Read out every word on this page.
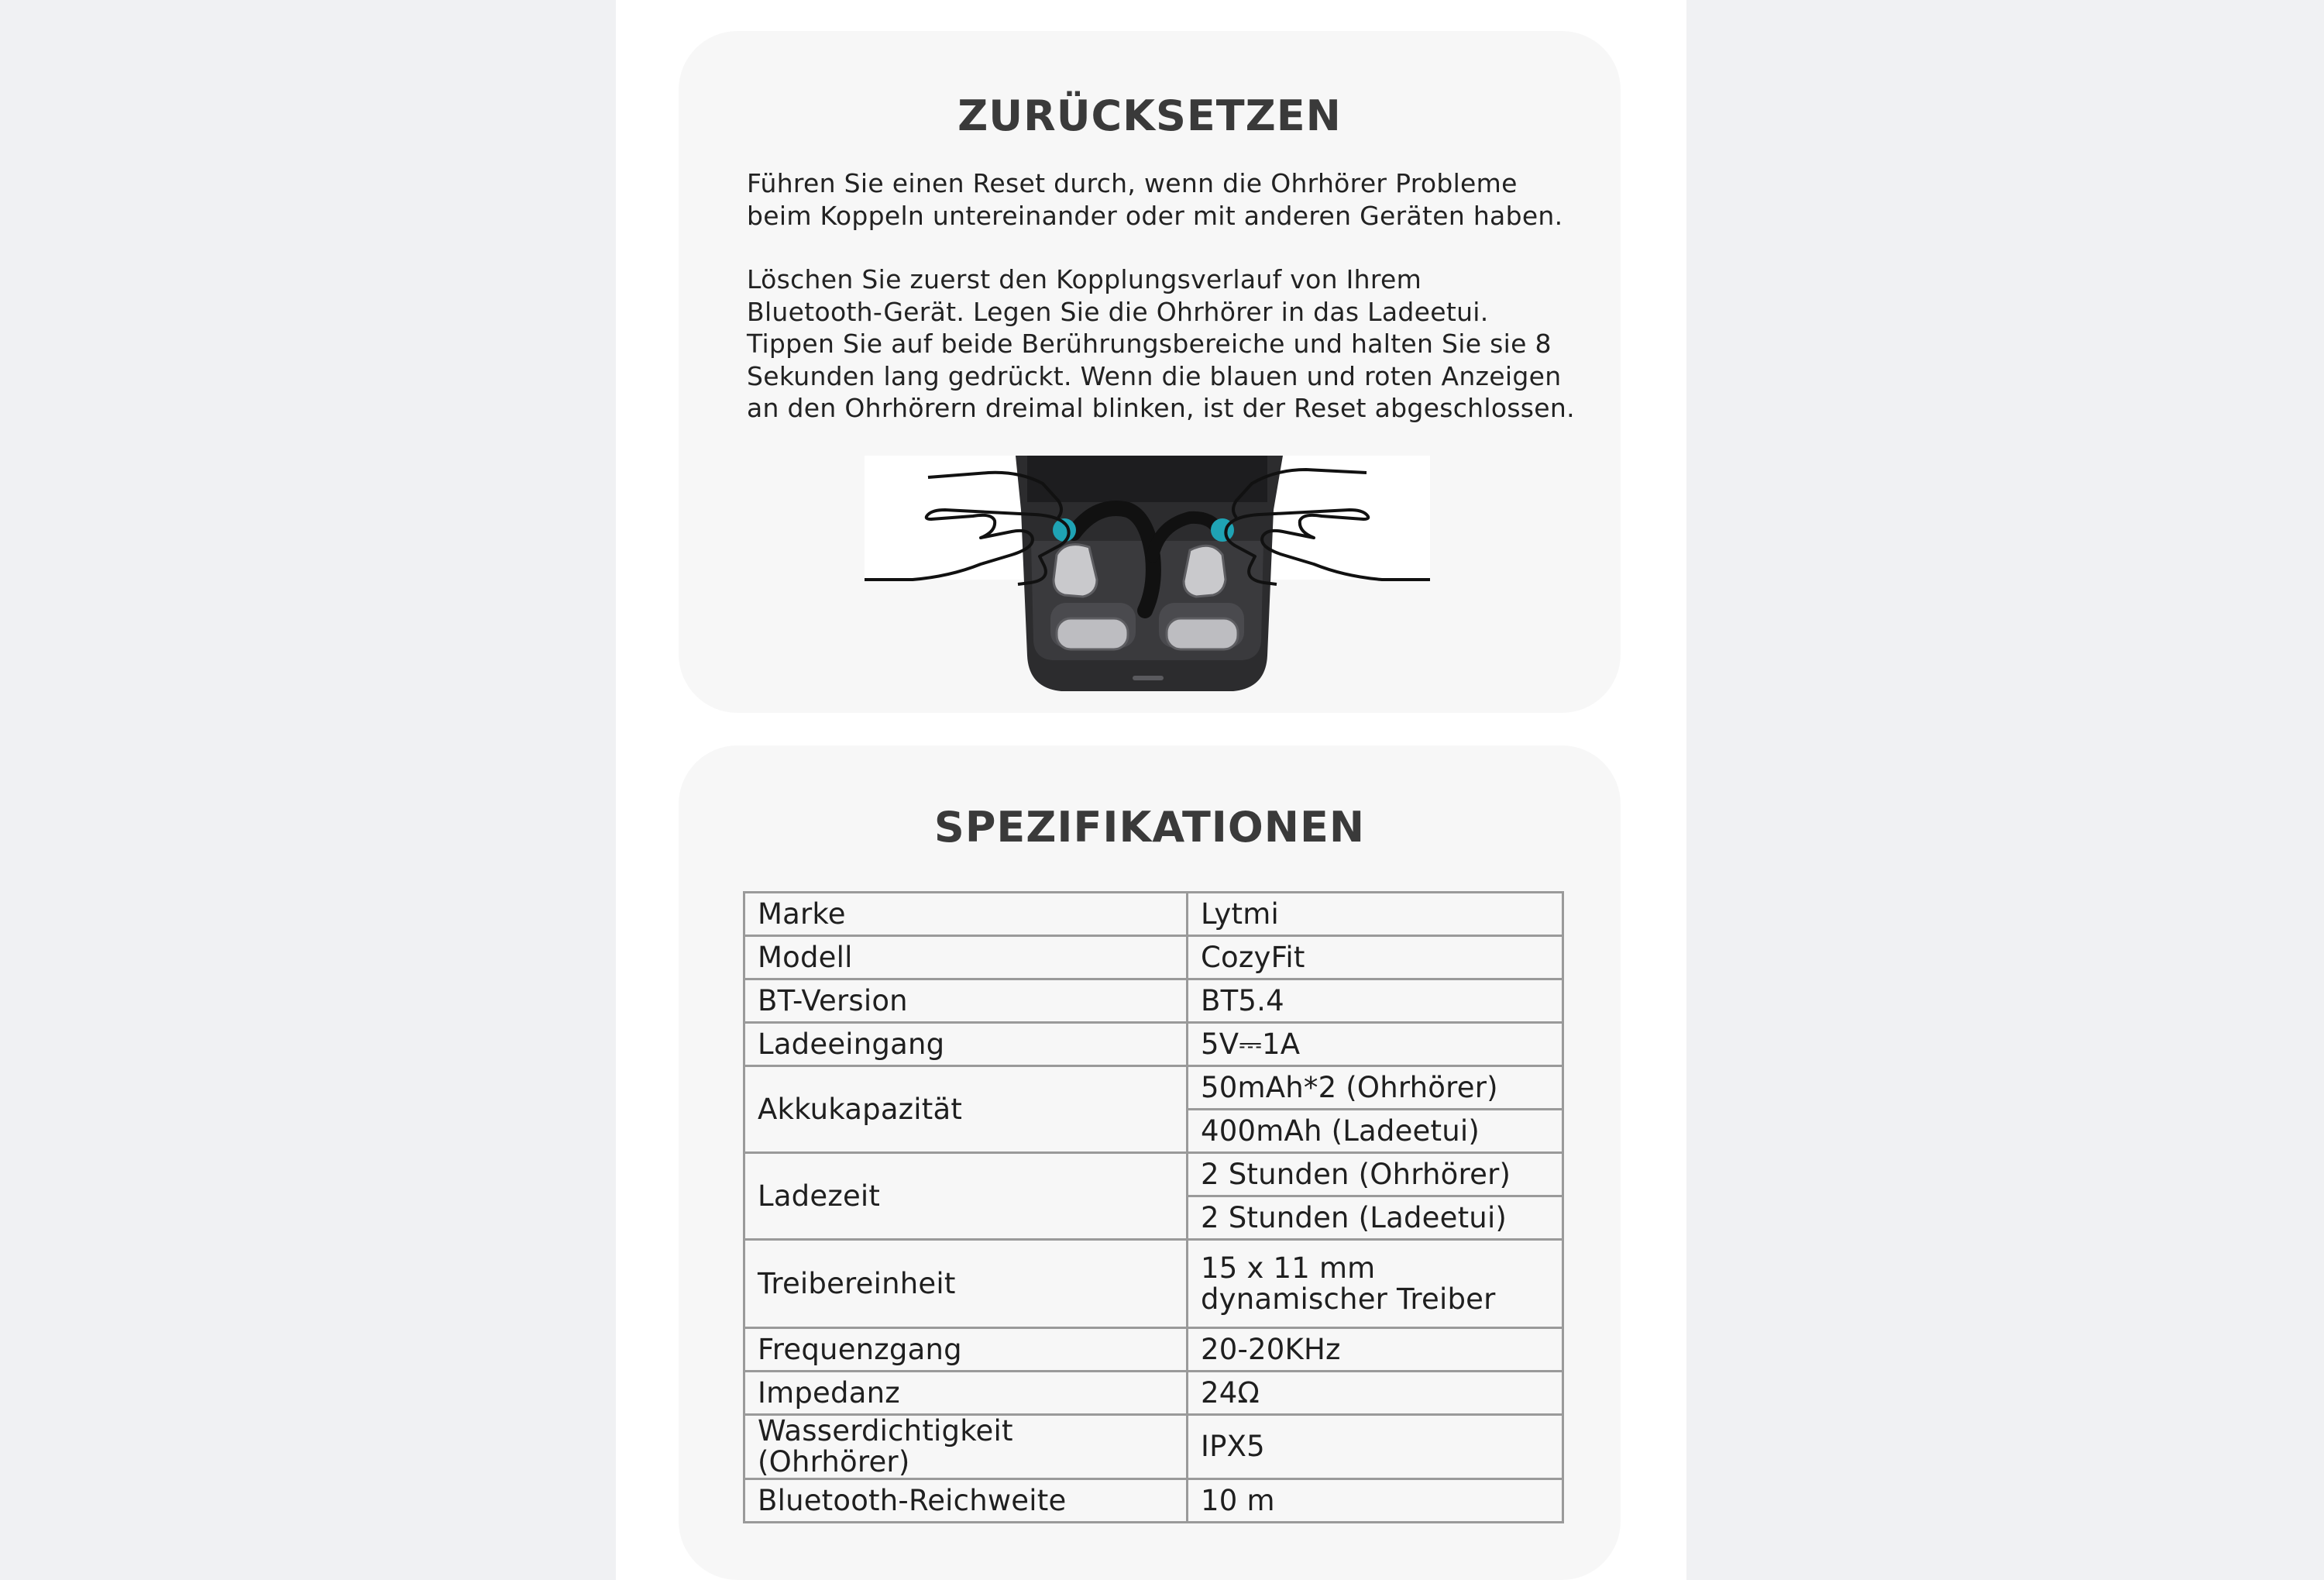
ZURÜCKSETZEN

Führen Sie einen Reset durch, wenn die Ohrhörer Probleme
beim Koppeln untereinander oder mit anderen Geräten haben.

Löschen Sie zuerst den Kopplungsverlauf von Ihrem
Bluetooth-Gerät. Legen Sie die Ohrhörer in das Ladeetui.
Tippen Sie auf beide Berührungsbereiche und halten Sie sie 8
Sekunden lang gedrückt. Wenn die blauen und roten Anzeigen
an den Ohrhörern dreimal blinken, ist der Reset abgeschlossen.

SPEZIFIKATIONEN
Marke	Lytmi
Modell	CozyFit
BT-Version	BT5.4
Ladeeingang	5V⎓1A
Akkukapazität	50mAh*2 (Ohrhörer)
	400mAh (Ladeetui)
Ladezeit	2 Stunden (Ohrhörer)
	2 Stunden (Ladeetui)
Treibereinheit	15 x 11 mm dynamischer Treiber
Frequenzgang	20-20KHz
Impedanz	24Ω
Wasserdichtigkeit (Ohrhörer)	IPX5
Bluetooth-Reichweite	10 m
